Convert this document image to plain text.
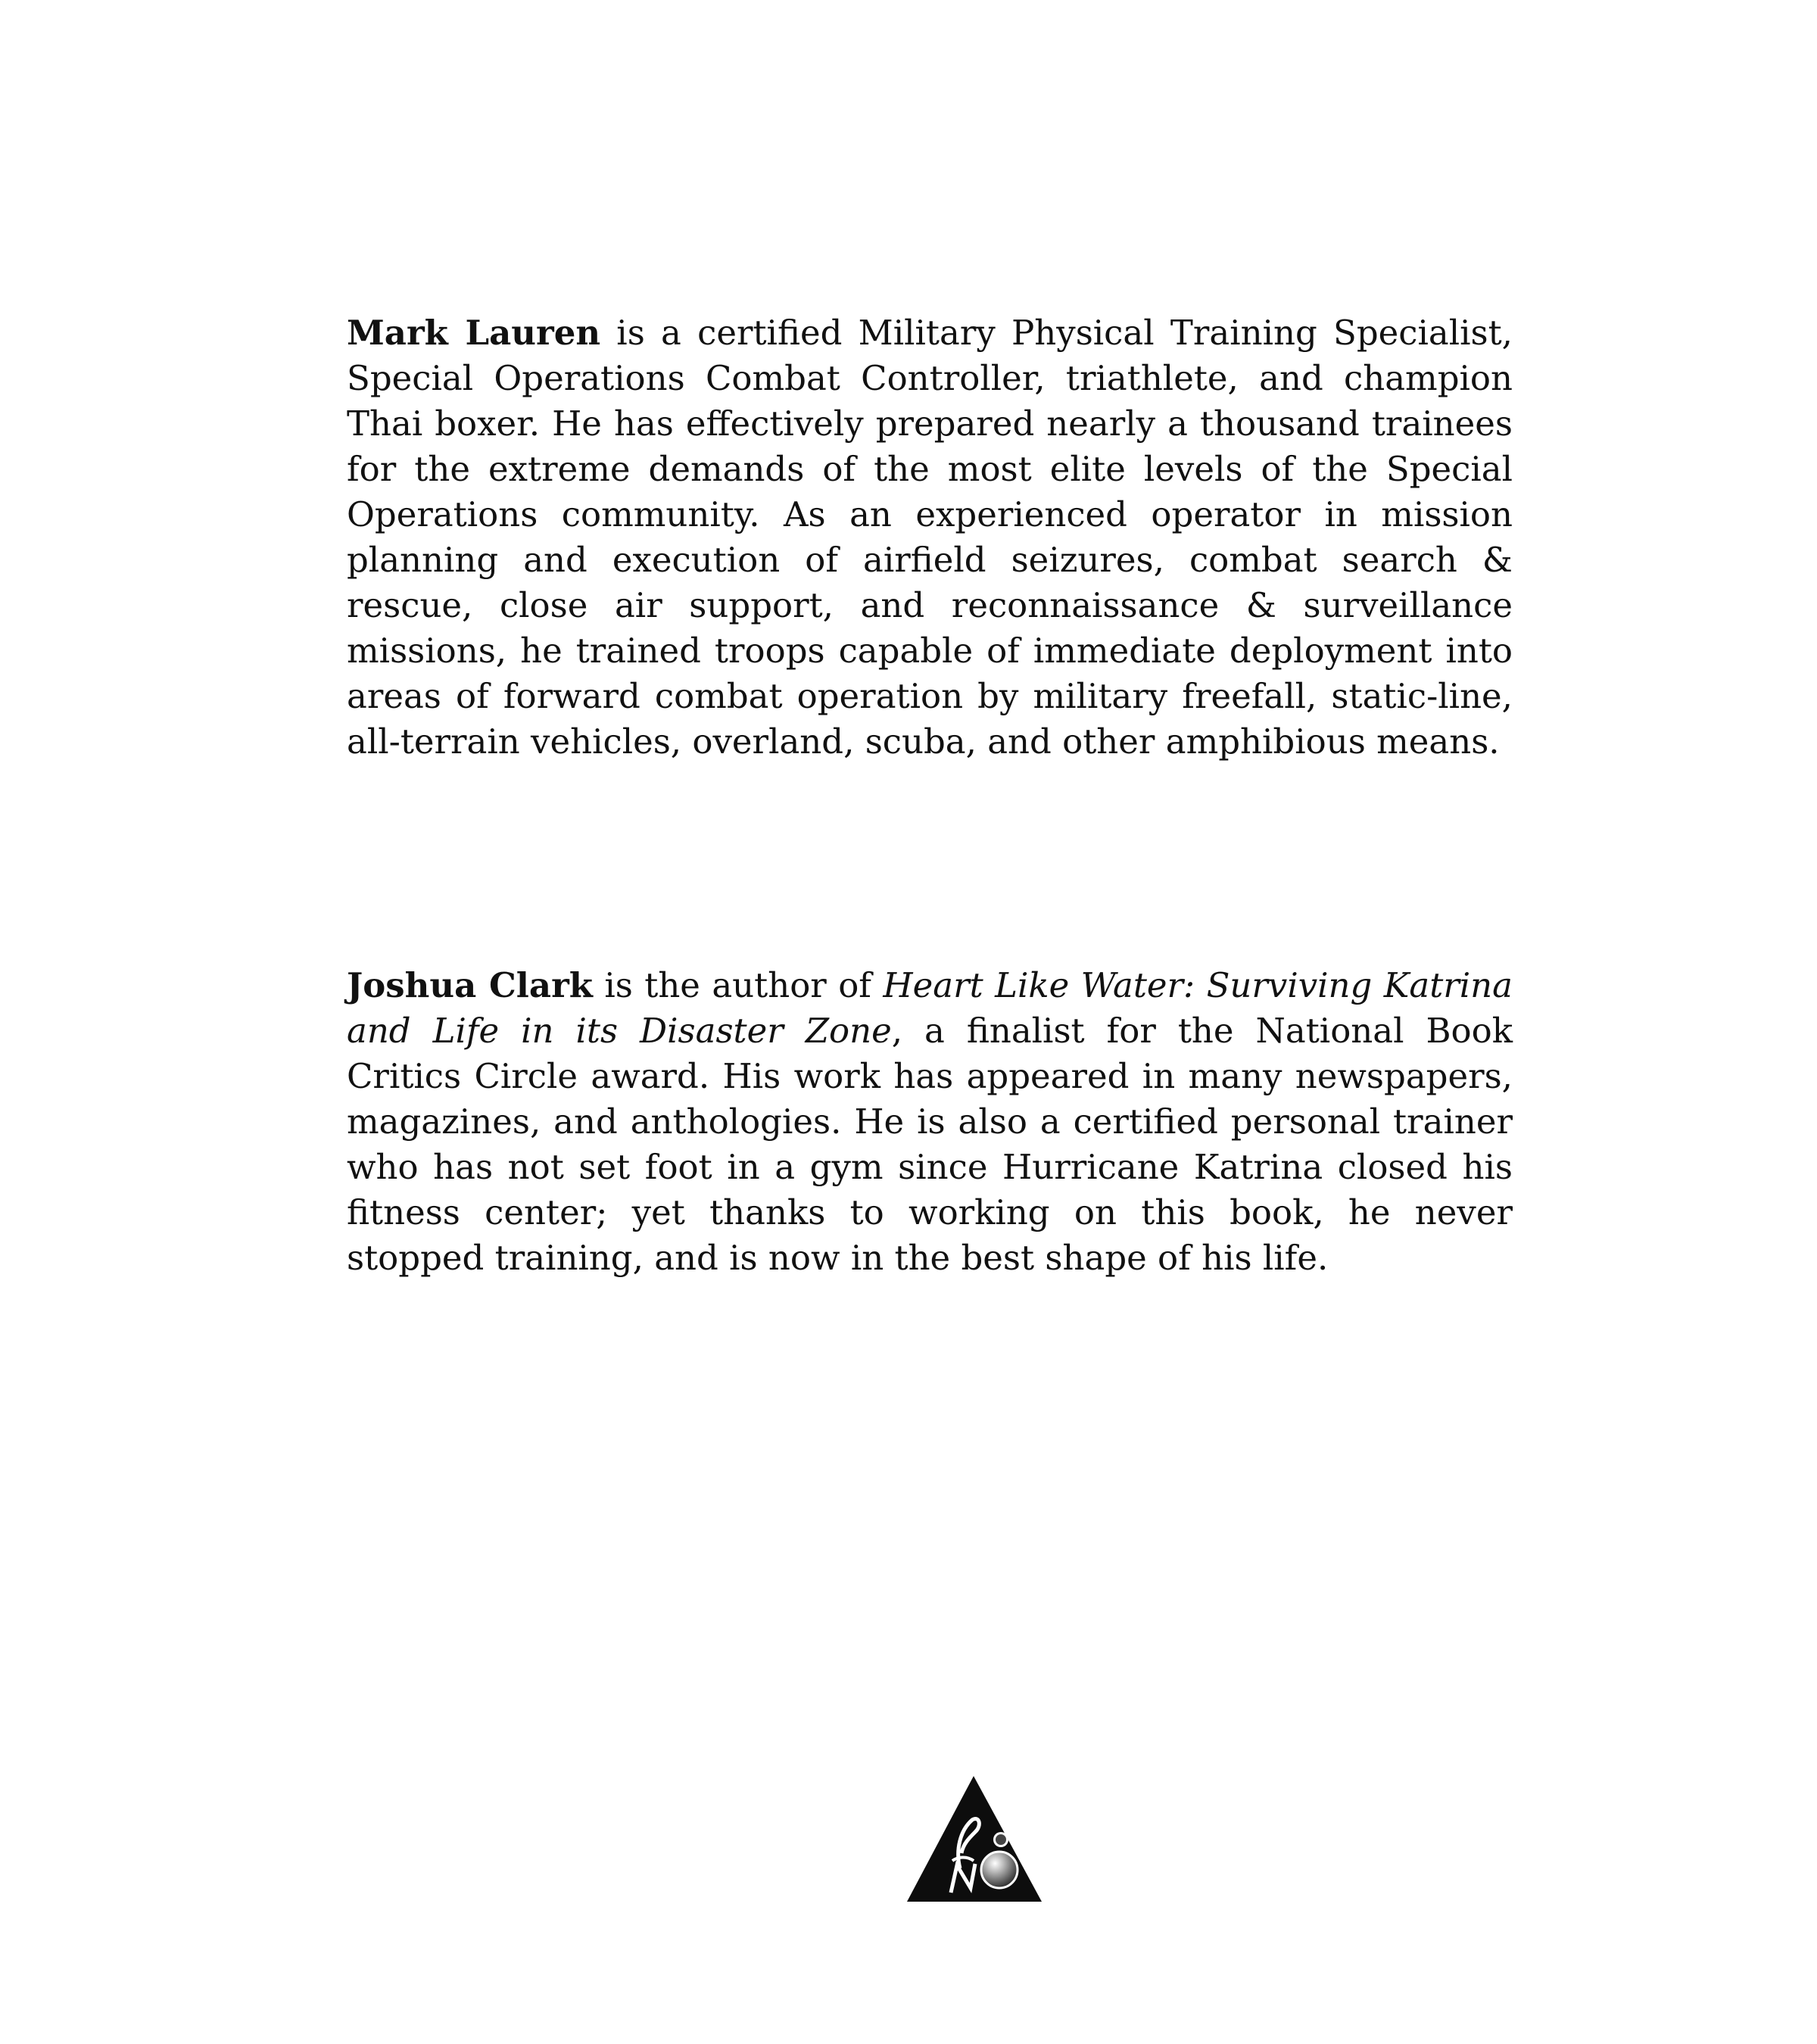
Mark Lauren is a certified Military Physical Training Specialist, Special Operations Combat Controller, triathlete, and champion Thai boxer. He has effectively prepared nearly a thousand trainees for the extreme demands of the most elite levels of the Special Operations community. As an experienced operator in mission planning and execution of airfield seizures, combat search & rescue, close air support, and reconnaissance & surveillance missions, he trained troops capable of immediate deployment into areas of forward combat operation by military freefall, static-line, all-terrain vehicles, overland, scuba, and other amphibious means.

Joshua Clark is the author of Heart Like Water: Surviving Katrina and Life in its Disaster Zone, a finalist for the National Book Critics Circle award. His work has appeared in many newspapers, magazines, and anthologies. He is also a certified personal trainer who has not set foot in a gym since Hurricane Katrina closed his fitness center; yet thanks to working on this book, he never stopped training, and is now in the best shape of his life.
